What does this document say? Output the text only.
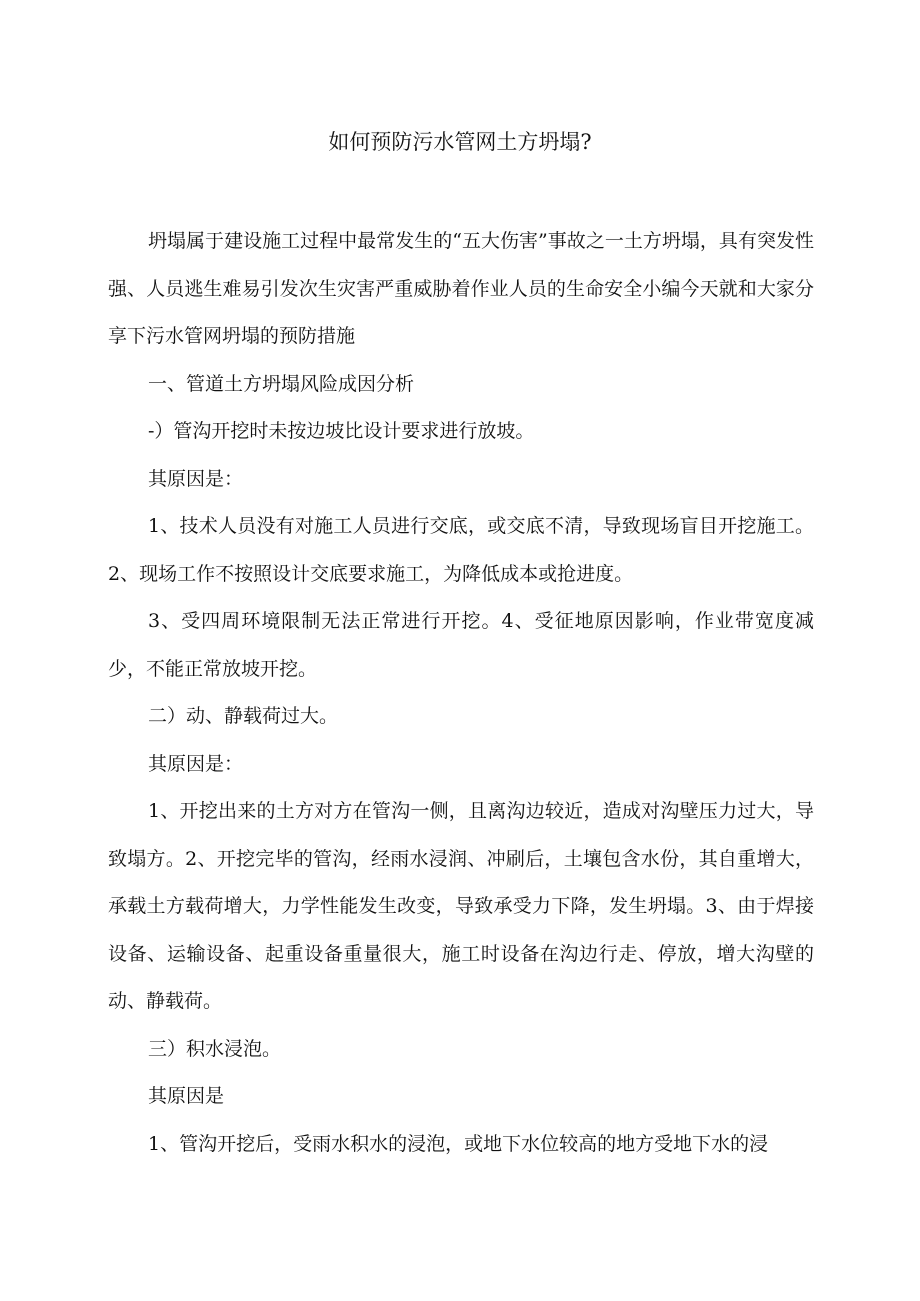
如何预防污水管网土方坍塌?

坍塌属于建设施工过程中最常发生的“五大伤害”事故之一土方坍塌，具有突发性强、人员逃生难易引发次生灾害严重威胁着作业人员的生命安全小编今天就和大家分享下污水管网坍塌的预防措施

一、管道土方坍塌风险成因分析

-）管沟开挖时未按边坡比设计要求进行放坡。

其原因是：

1、技术人员没有对施工人员进行交底，或交底不清，导致现场盲目开挖施工。2、现场工作不按照设计交底要求施工，为降低成本或抢进度。

3、受四周环境限制无法正常进行开挖。4、受征地原因影响，作业带宽度减少，不能正常放坡开挖。

二）动、静载荷过大。

其原因是：

1、开挖出来的土方对方在管沟一侧，且离沟边较近，造成对沟壁压力过大，导致塌方。2、开挖完毕的管沟，经雨水浸润、冲刷后，土壤包含水份，其自重增大，承载土方载荷增大，力学性能发生改变，导致承受力下降，发生坍塌。3、由于焊接设备、运输设备、起重设备重量很大，施工时设备在沟边行走、停放，增大沟壁的动、静载荷。

三）积水浸泡。

其原因是

1、管沟开挖后，受雨水积水的浸泡，或地下水位较高的地方受地下水的浸
